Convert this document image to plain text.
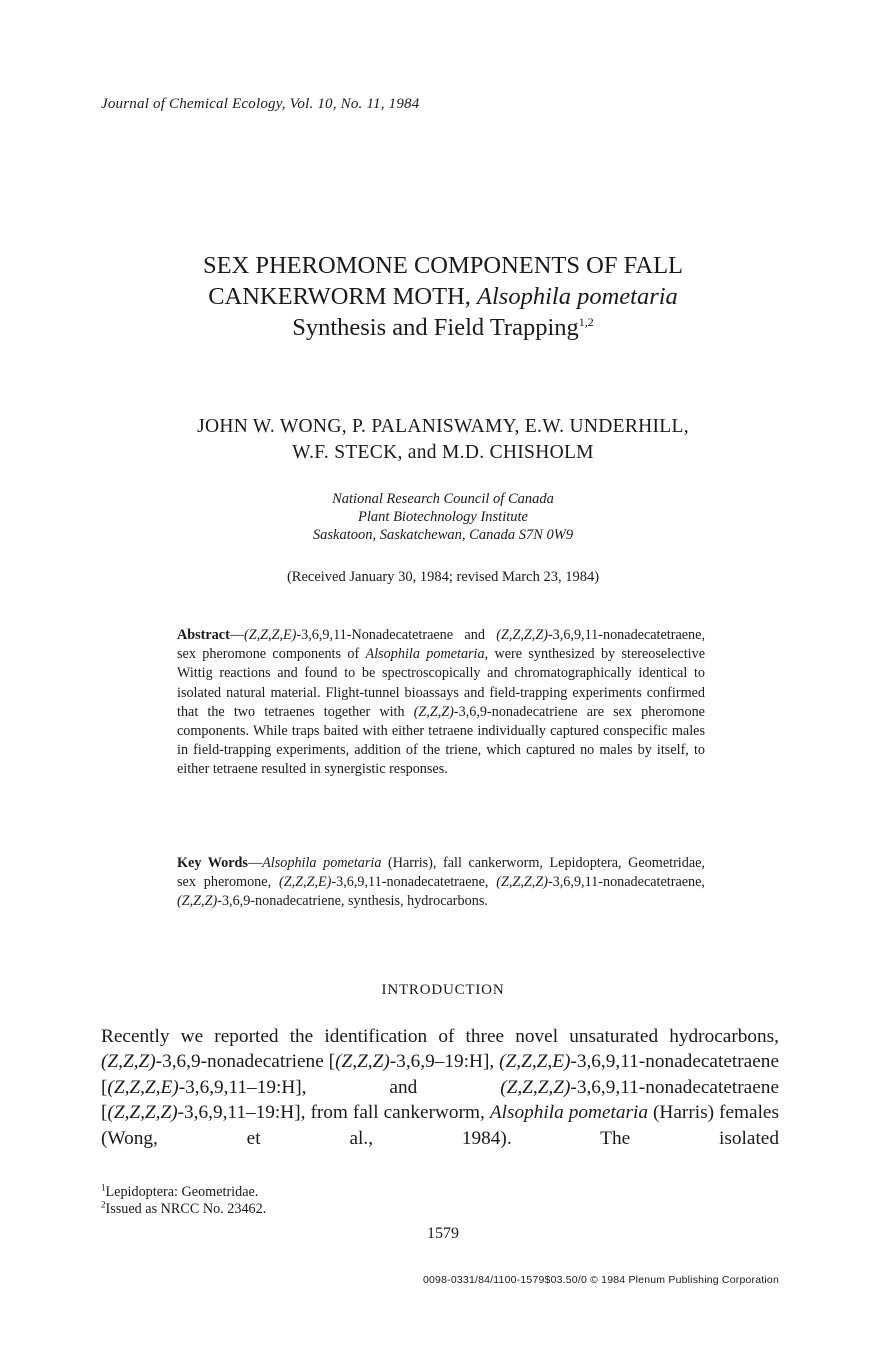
Journal of Chemical Ecology, Vol. 10, No. 11, 1984
SEX PHEROMONE COMPONENTS OF FALL
CANKERWORM MOTH, Alsophila pometaria
Synthesis and Field Trapping$^{1,2}$
JOHN W. WONG, P. PALANISWAMY, E.W. UNDERHILL,
W.F. STECK, and M.D. CHISHOLM
National Research Council of Canada
Plant Biotechnology Institute
Saskatoon, Saskatchewan, Canada S7N 0W9
(Received January 30, 1984; revised March 23, 1984)
Abstract—(Z,Z,Z,E)-3,6,9,11-Nonadecatetraene and (Z,Z,Z,Z)-3,6,9,11-nonadecatetraene, sex pheromone components of Alsophila pometaria, were synthesized by stereoselective Wittig reactions and found to be spectroscopically and chromatographically identical to isolated natural material. Flight-tunnel bioassays and field-trapping experiments confirmed that the two tetraenes together with (Z,Z,Z)-3,6,9-nonadecatriene are sex pheromone components. While traps baited with either tetraene individually captured conspecific males in field-trapping experiments, addition of the triene, which captured no males by itself, to either tetraene resulted in synergistic responses.
Key Words—Alsophila pometaria (Harris), fall cankerworm, Lepidoptera, Geometridae, sex pheromone, (Z,Z,Z,E)-3,6,9,11-nonadecatetraene, (Z,Z,Z,Z)-3,6,9,11-nonadecatetraene, (Z,Z,Z)-3,6,9-nonadecatriene, synthesis, hydrocarbons.
INTRODUCTION
Recently we reported the identification of three novel unsaturated hydrocarbons, (Z,Z,Z)-3,6,9-nonadecatriene [(Z,Z,Z)-3,6,9–19:H], (Z,Z,Z,E)-3,6,9,11-nonadecatetraene [(Z,Z,Z,E)-3,6,9,11–19:H], and (Z,Z,Z,Z)-3,6,9,11-nonadecatetraene [(Z,Z,Z,Z)-3,6,9,11–19:H], from fall cankerworm, Alsophila pometaria (Harris) females (Wong, et al., 1984). The isolated
$^1$Lepidoptera: Geometridae.
$^2$Issued as NRCC No. 23462.
1579
0098-0331/84/1100-1579$03.50/0 © 1984 Plenum Publishing Corporation
